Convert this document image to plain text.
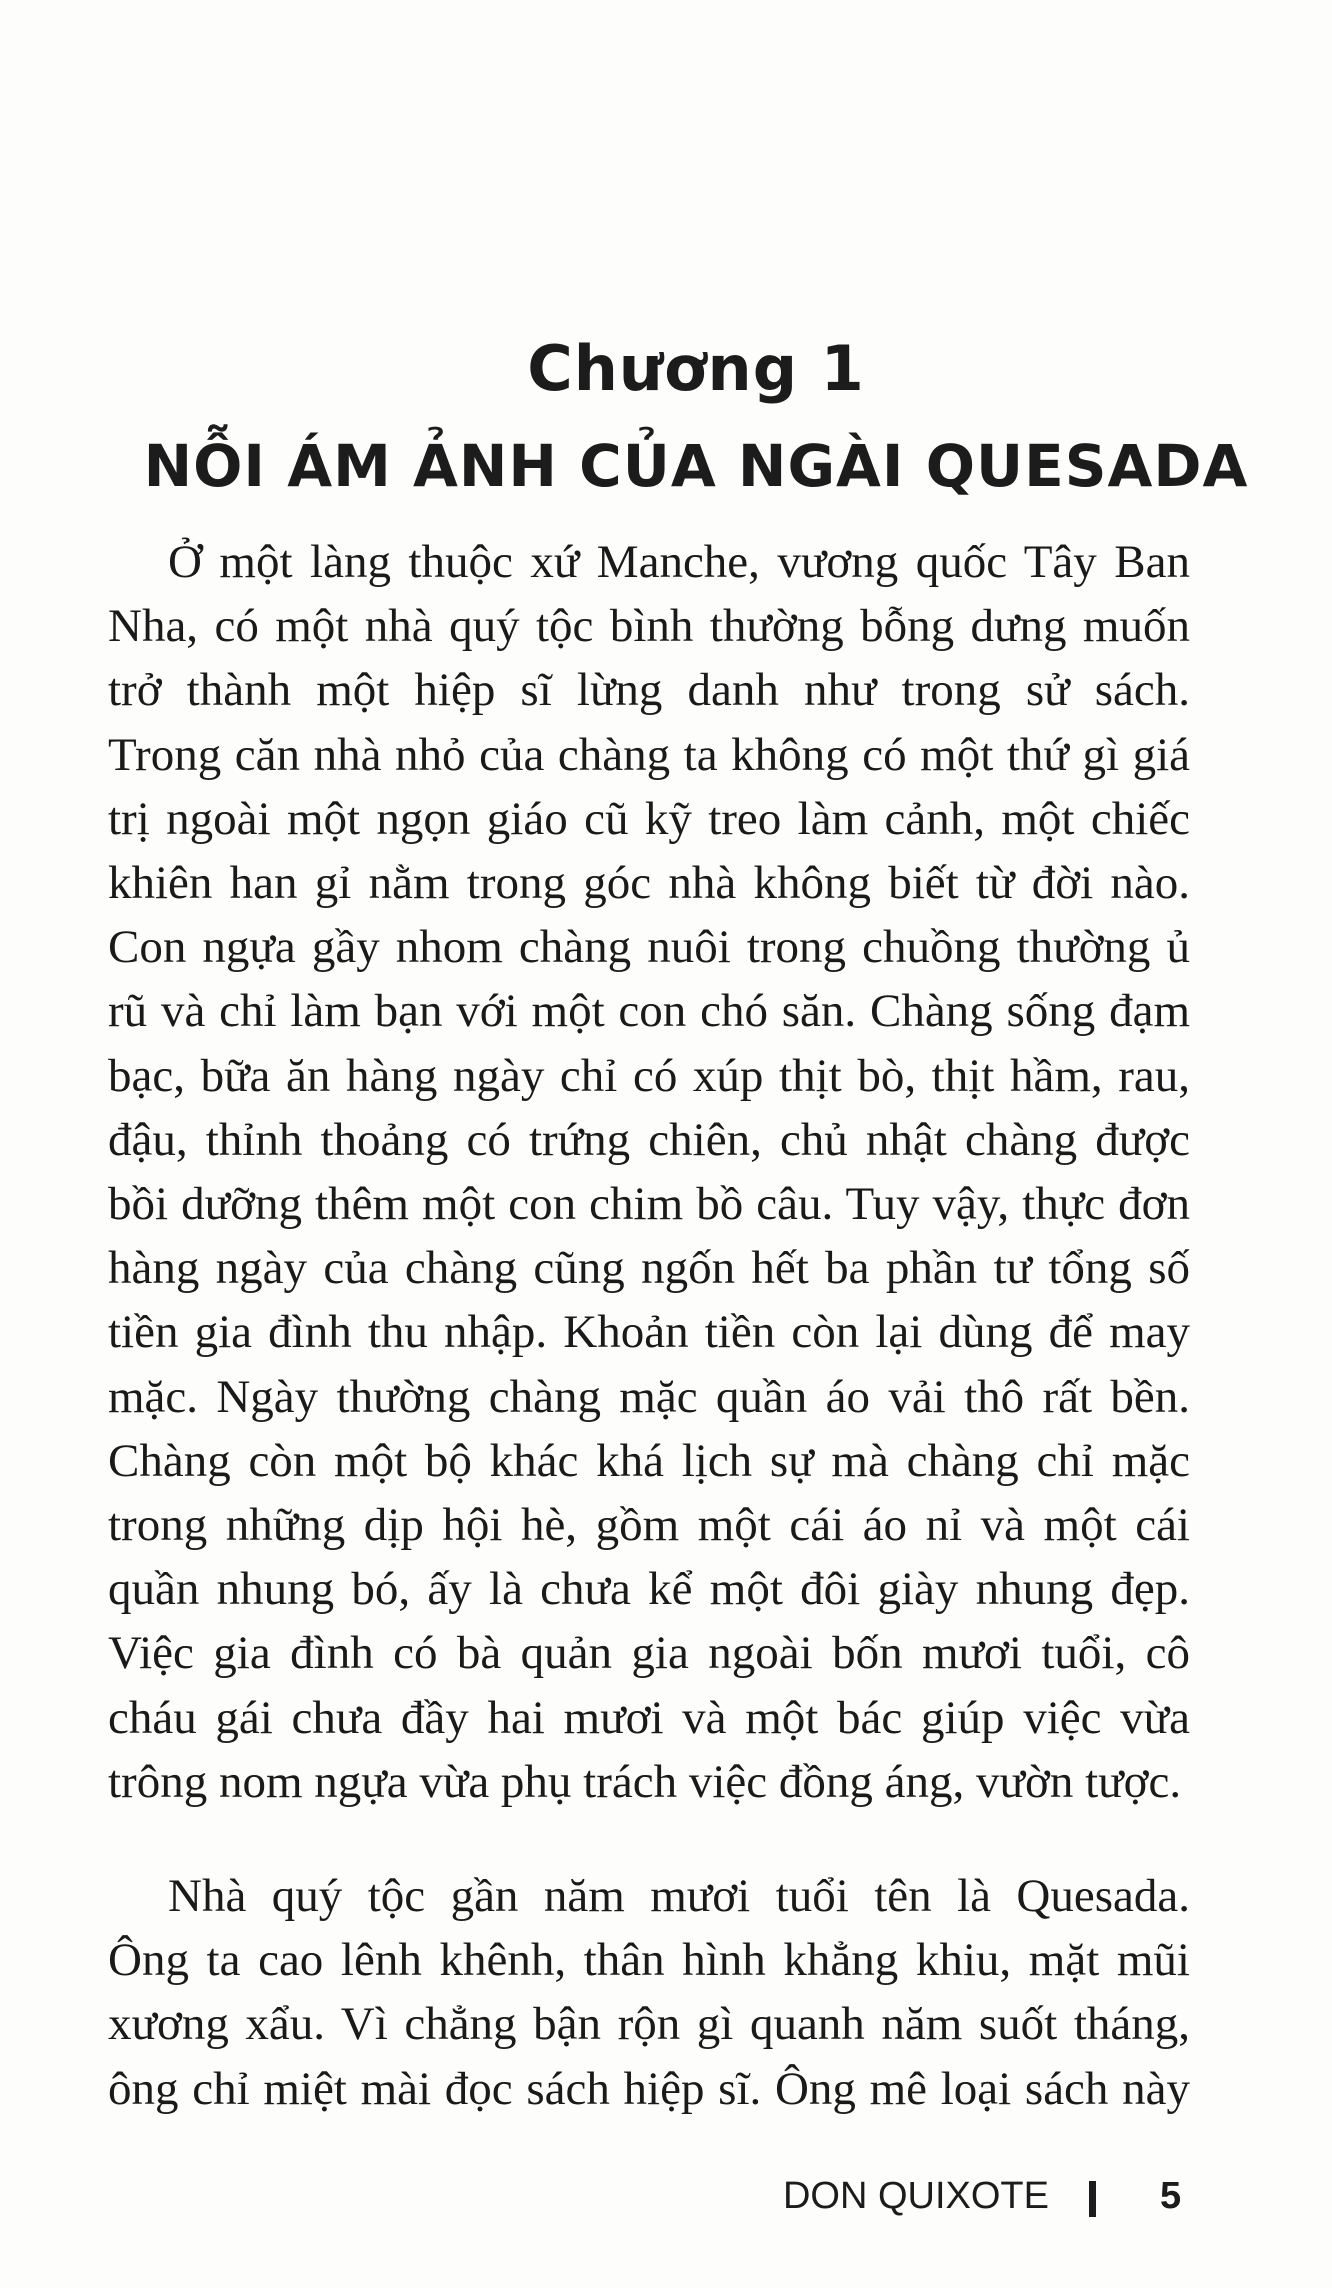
Chương 1
NỖI ÁM ẢNH CỦA NGÀI QUESADA
Ở một làng thuộc xứ Manche, vương quốc Tây Ban
Nha, có một nhà quý tộc bình thường bỗng dưng muốn
trở thành một hiệp sĩ lừng danh như trong sử sách.
Trong căn nhà nhỏ của chàng ta không có một thứ gì giá
trị ngoài một ngọn giáo cũ kỹ treo làm cảnh, một chiếc
khiên han gỉ nằm trong góc nhà không biết từ đời nào.
Con ngựa gầy nhom chàng nuôi trong chuồng thường ủ
rũ và chỉ làm bạn với một con chó săn. Chàng sống đạm
bạc, bữa ăn hàng ngày chỉ có xúp thịt bò, thịt hầm, rau,
đậu, thỉnh thoảng có trứng chiên, chủ nhật chàng được
bồi dưỡng thêm một con chim bồ câu. Tuy vậy, thực đơn
hàng ngày của chàng cũng ngốn hết ba phần tư tổng số
tiền gia đình thu nhập. Khoản tiền còn lại dùng để may
mặc. Ngày thường chàng mặc quần áo vải thô rất bền.
Chàng còn một bộ khác khá lịch sự mà chàng chỉ mặc
trong những dịp hội hè, gồm một cái áo nỉ và một cái
quần nhung bó, ấy là chưa kể một đôi giày nhung đẹp.
Việc gia đình có bà quản gia ngoài bốn mươi tuổi, cô
cháu gái chưa đầy hai mươi và một bác giúp việc vừa
trông nom ngựa vừa phụ trách việc đồng áng, vườn tược.
Nhà quý tộc gần năm mươi tuổi tên là Quesada.
Ông ta cao lênh khênh, thân hình khẳng khiu, mặt mũi
xương xẩu. Vì chẳng bận rộn gì quanh năm suốt tháng,
ông chỉ miệt mài đọc sách hiệp sĩ. Ông mê loại sách này
DON QUIXOTE	5
